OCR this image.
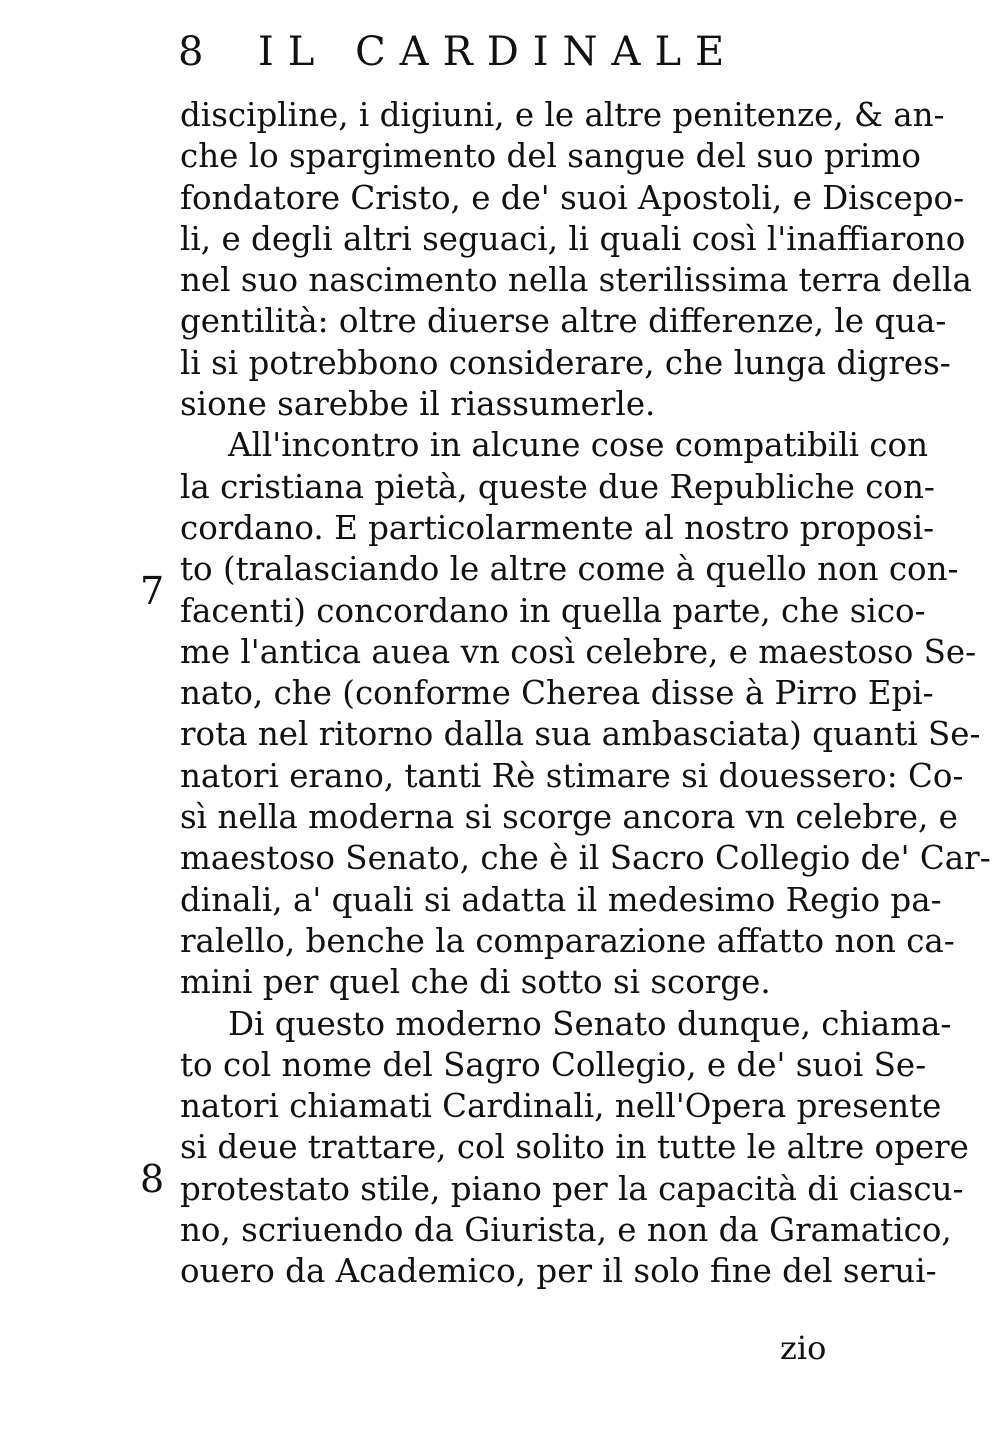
8 IL CARDINALE
discipline, i digiuni, e le altre penitenze, & an-
che lo spargimento del sangue del suo primo
fondatore Cristo, e de' suoi Apostoli, e Discepo-
li, e degli altri seguaci, li quali così l'inaffiarono
nel suo nascimento nella sterilissima terra della
gentilità: oltre diuerse altre differenze, le qua-
li si potrebbono considerare, che lunga digres-
sione sarebbe il riassumerle.
All'incontro in alcune cose compatibili con
la cristiana pietà, queste due Republiche con-
cordano. E particolarmente al nostro proposi-
to (tralasciando le altre come à quello non con-
facenti) concordano in quella parte, che sico-
me l'antica auea vn così celebre, e maestoso Se-
nato, che (conforme Cherea disse à Pirro Epi-
rota nel ritorno dalla sua ambasciata) quanti Se-
natori erano, tanti Rè stimare si douessero: Co-
sì nella moderna si scorge ancora vn celebre, e
maestoso Senato, che è il Sacro Collegio de' Car-
dinali, a' quali si adatta il medesimo Regio pa-
ralello, benche la comparazione affatto non ca-
mini per quel che di sotto si scorge.
Di questo moderno Senato dunque, chiama-
to col nome del Sagro Collegio, e de' suoi Se-
natori chiamati Cardinali, nell'Opera presente
si deue trattare, col solito in tutte le altre opere
protestato stile, piano per la capacità di ciascu-
no, scriuendo da Giurista, e non da Gramatico,
ouero da Academico, per il solo fine del serui-
7
8
zio
